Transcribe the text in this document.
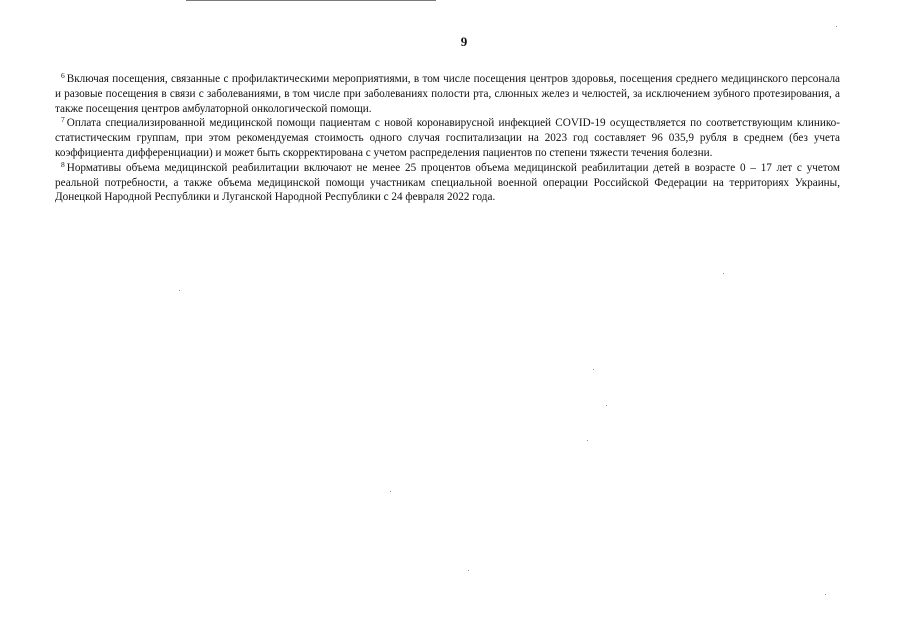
9

$^6$ Включая посещения, связанные с профилактическими мероприятиями, в том числе посещения центров здоровья, посещения среднего медицинского персонала и разовые посещения в связи с заболеваниями, в том числе при заболеваниях полости рта, слюнных желез и челюстей, за исключением зубного протезирования, а также посещения центров амбулаторной онкологической помощи.

$^7$ Оплата специализированной медицинской помощи пациентам с новой коронавирусной инфекцией COVID-19 осуществляется по соответствующим клинико-статистическим группам, при этом рекомендуемая стоимость одного случая госпитализации на 2023 год составляет 96 035,9 рубля в среднем (без учета коэффициента дифференциации) и может быть скорректирована с учетом распределения пациентов по степени тяжести течения болезни.

$^8$ Нормативы объема медицинской реабилитации включают не менее 25 процентов объема медицинской реабилитации детей в возрасте 0 – 17 лет с учетом реальной потребности, а также объема медицинской помощи участникам специальной военной операции Российской Федерации на территориях Украины, Донецкой Народной Республики и Луганской Народной Республики с 24 февраля 2022 года.
